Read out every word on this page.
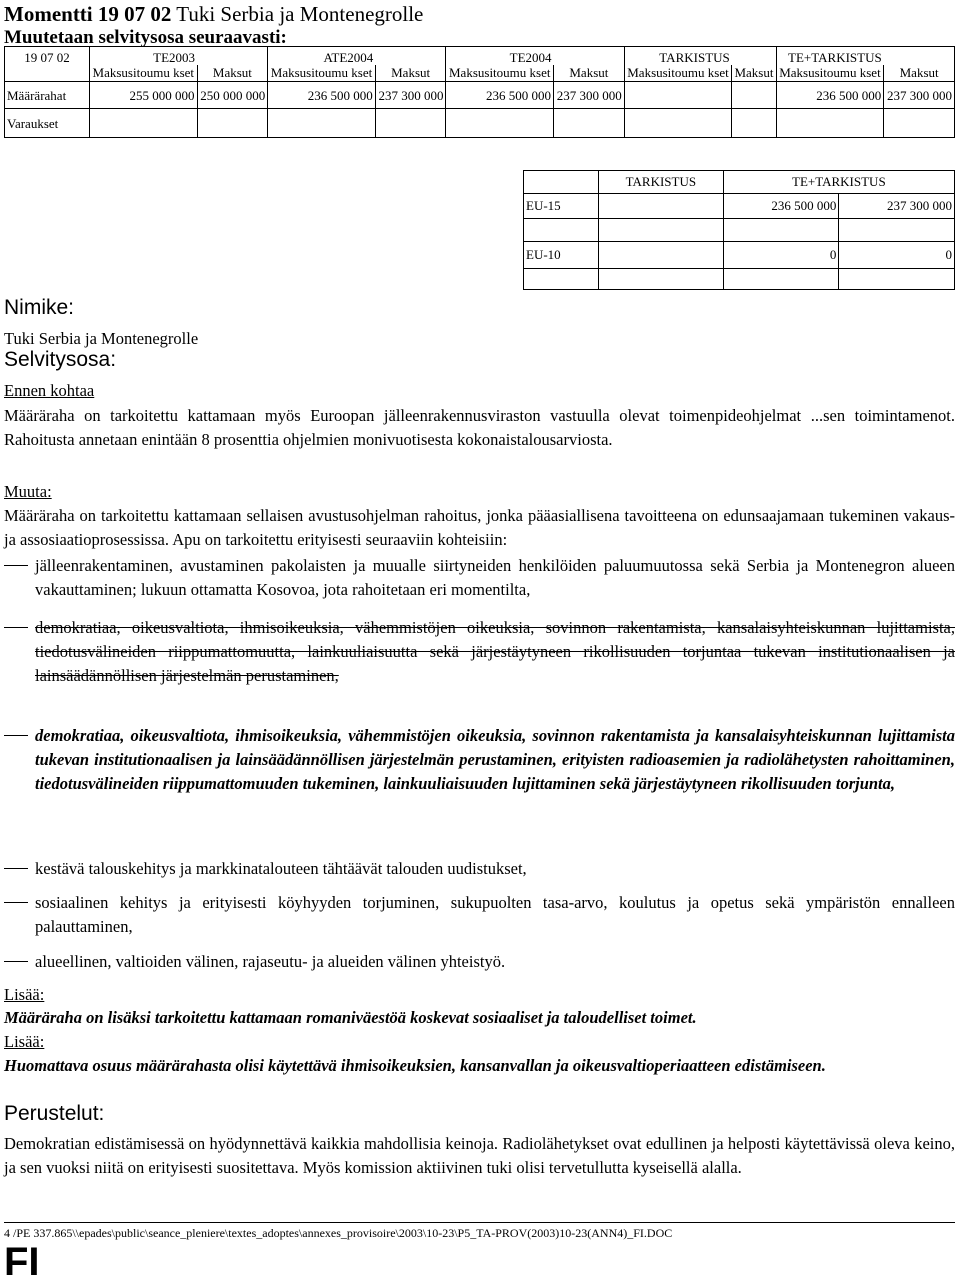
Momentti 19 07 02 Tuki Serbia ja Montenegrolle
Muutetaan selvitysosa seuraavasti:
19 07 02	TE2003		ATE2004		TE2004		TARKISTUS		TE+TARKISTUS	
	Maksusitoumu kset	Maksut	Maksusitoumu kset	Maksut	Maksusitoumu kset	Maksut	Maksusitoumu kset	Maksut	Maksusitoumu kset	Maksut
Määrärahat	255 000 000	250 000 000	236 500 000	237 300 000	236 500 000	237 300 000			236 500 000	237 300 000
Varaukset										
	TARKISTUS	TE+TARKISTUS	
EU-15		236 500 000	237 300 000

EU-10		0	0

Nimike:
Tuki Serbia ja Montenegrolle
Selvitysosa:
Ennen kohtaa
Määräraha on tarkoitettu kattamaan myös Euroopan jälleenrakennusviraston vastuulla olevat toimenpideohjelmat ...sen toimintamenot. Rahoitusta annetaan enintään 8 prosenttia ohjelmien monivuotisesta kokonaistalousarviosta.
Muuta:
Määräraha on tarkoitettu kattamaan sellaisen avustusohjelman rahoitus, jonka pääasiallisena tavoitteena on edunsaajamaan tukeminen vakaus- ja assosiaatioprosessissa. Apu on tarkoitettu erityisesti seuraaviin kohteisiin:
jälleenrakentaminen, avustaminen pakolaisten ja muualle siirtyneiden henkilöiden paluumuutossa sekä Serbia ja Montenegron alueen vakauttaminen; lukuun ottamatta Kosovoa, jota rahoitetaan eri momentilta,
demokratiaa, oikeusvaltiota, ihmisoikeuksia, vähemmistöjen oikeuksia, sovinnon rakentamista, kansalaisyhteiskunnan lujittamista, tiedotusvälineiden riippumattomuutta, lainkuuliaisuutta sekä järjestäytyneen rikollisuuden torjuntaa tukevan institutionaalisen ja lainsäädännöllisen järjestelmän perustaminen,
demokratiaa, oikeusvaltiota, ihmisoikeuksia, vähemmistöjen oikeuksia, sovinnon rakentamista ja kansalaisyhteiskunnan lujittamista tukevan institutionaalisen ja lainsäädännöllisen järjestelmän perustaminen, erityisten radioasemien ja radiolähetysten rahoittaminen, tiedotusvälineiden riippumattomuuden tukeminen, lainkuuliaisuuden lujittaminen sekä järjestäytyneen rikollisuuden torjunta,
kestävä talouskehitys ja markkinatalouteen tähtäävät talouden uudistukset,
sosiaalinen kehitys ja erityisesti köyhyyden torjuminen, sukupuolten tasa-arvo, koulutus ja opetus sekä ympäristön ennalleen palauttaminen,
alueellinen, valtioiden välinen, rajaseutu- ja alueiden välinen yhteistyö.
Lisää:
Määräraha on lisäksi tarkoitettu kattamaan romaniväestöä koskevat sosiaaliset ja taloudelliset toimet.
Lisää:
Huomattava osuus määrärahasta olisi käytettävä ihmisoikeuksien, kansanvallan ja oikeusvaltioperiaatteen edistämiseen.
Perustelut:
Demokratian edistämisessä on hyödynnettävä kaikkia mahdollisia keinoja. Radiolähetykset ovat edullinen ja helposti käytettävissä oleva keino, ja sen vuoksi niitä on erityisesti suositettava. Myös komission aktiivinen tuki olisi tervetullutta kyseisellä alalla.
4 /PE 337.865\\epades\public\seance_pleniere\textes_adoptes\annexes_provisoire\2003\10-23\P5_TA-PROV(2003)10-23(ANN4)_FI.DOC
FI
